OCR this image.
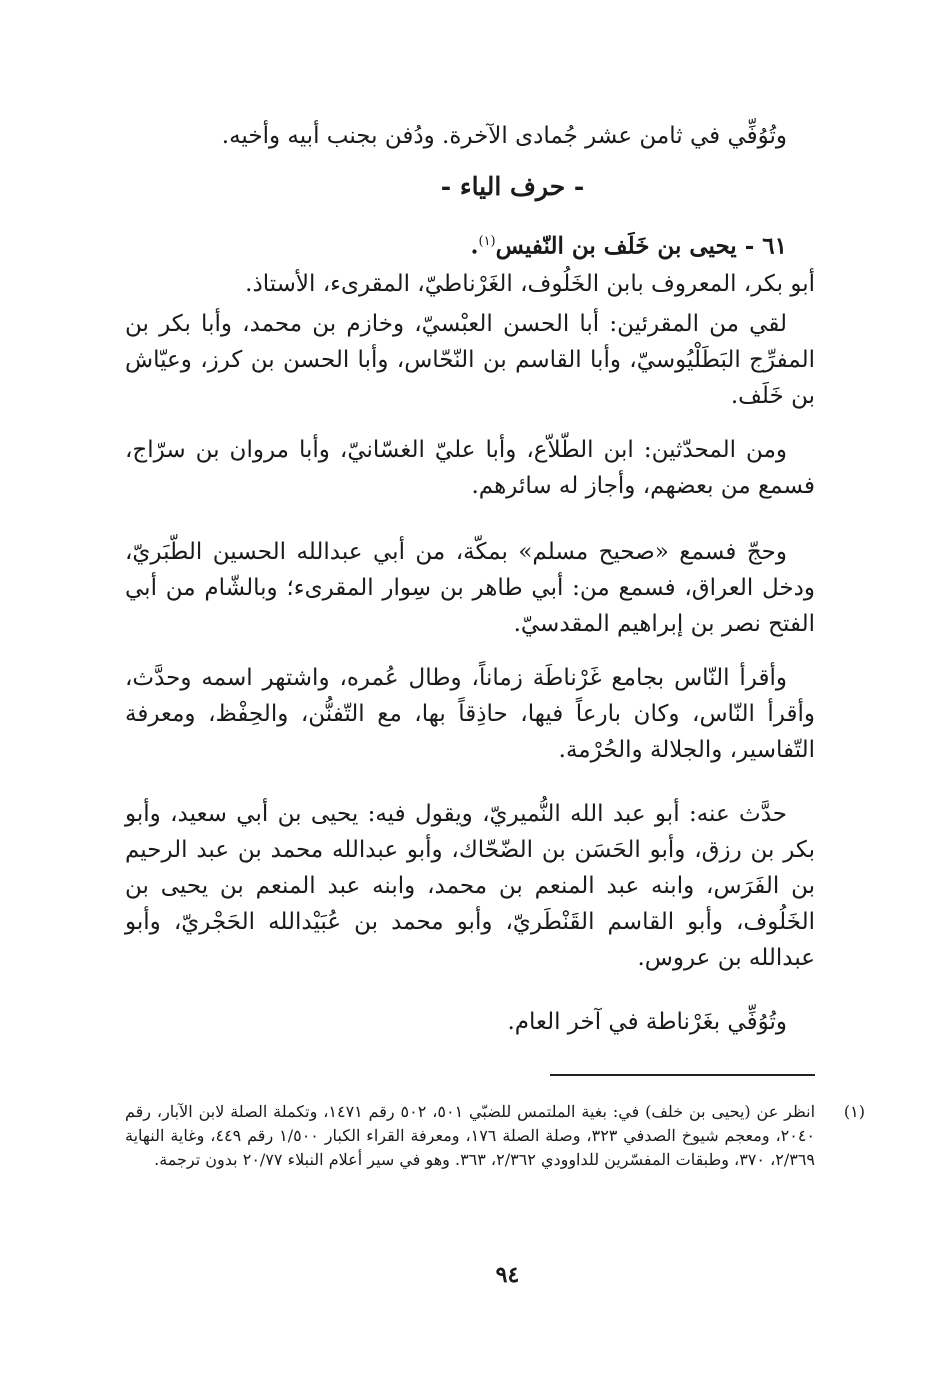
وتُوُفِّي في ثامن عشر جُمادى الآخرة. ودُفن بجنب أبيه وأخيه.

- حرف الياء -

٦١ - يحيى بن خَلَف بن النّفيس$^{(١)}$.

أبو بكر، المعروف بابن الخَلُوف، الغَرْناطيّ، المقرىء، الأستاذ.

لقي من المقرئين: أبا الحسن العبْسيّ، وخازم بن محمد، وأبا بكر بن المفرِّج البَطَلْيُوسيّ، وأبا القاسم بن النّحّاس، وأبا الحسن بن كرز، وعيّاش بن خَلَف.

ومن المحدّثين: ابن الطّلاّع، وأبا عليّ الغسّانيّ، وأبا مروان بن سرّاج، فسمع من بعضهم، وأجاز له سائرهم.

وحجّ فسمع «صحيح مسلم» بمكّة، من أبي عبدالله الحسين الطّبَريّ، ودخل العراق، فسمع من: أبي طاهر بن سِوار المقرىء؛ وبالشّام من أبي الفتح نصر بن إبراهيم المقدسيّ.

وأقرأ النّاس بجامع غَرْناطَة زماناً، وطال عُمره، واشتهر اسمه وحدَّث، وأقرأ النّاس، وكان بارعاً فيها، حاذِقاً بها، مع التّفنُّن، والحِفْظ، ومعرفة التّفاسير، والجلالة والحُرْمة.

حدَّث عنه: أبو عبد الله النُّميريّ، ويقول فيه: يحيى بن أبي سعيد، وأبو بكر بن رزق، وأبو الحَسَن بن الضّحّاك، وأبو عبدالله محمد بن عبد الرحيم بن الفَرَس، وابنه عبد المنعم بن محمد، وابنه عبد المنعم بن يحيى بن الخَلُوف، وأبو القاسم القَنْطَريّ، وأبو محمد بن عُبَيْدالله الحَجْريّ، وأبو عبدالله بن عروس.

وتُوُفِّي بغَرْناطة في آخر العام.

(١)
انظر عن (يحيى بن خلف) في: بغية الملتمس للضبّي ٥٠١، ٥٠٢ رقم ١٤٧١، وتكملة الصلة لابن الآبار، رقم ٢٠٤٠، ومعجم شيوخ الصدفي ٣٢٣، وصلة الصلة ١٧٦، ومعرفة القراء الكبار ١/٥٠٠ رقم ٤٤٩، وغاية النهاية ٢/٣٦٩، ٣٧٠، وطبقات المفسّرين للداوودي ٢/٣٦٢، ٣٦٣. وهو في سير أعلام النبلاء ٢٠/٧٧ بدون ترجمة.
٩٤
